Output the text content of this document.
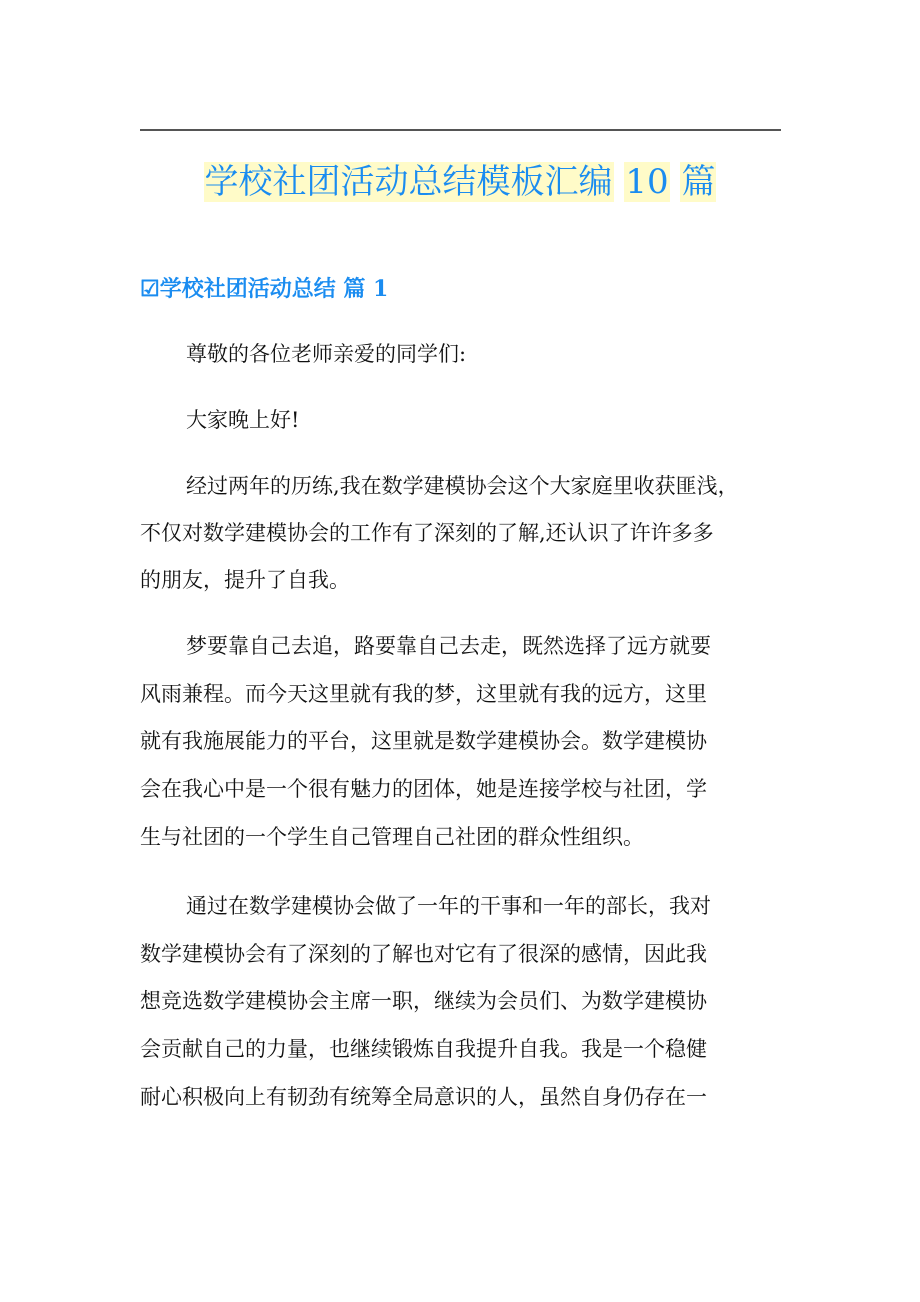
学校社团活动总结模板汇编 10 篇
☑学校社团活动总结 篇 1
尊敬的各位老师亲爱的同学们:
大家晚上好!
经过两年的历练,我在数学建模协会这个大家庭里收获匪浅，
不仅对数学建模协会的工作有了深刻的了解,还认识了许许多多
的朋友，提升了自我。
梦要靠自己去追，路要靠自己去走，既然选择了远方就要
风雨兼程。而今天这里就有我的梦，这里就有我的远方，这里
就有我施展能力的平台，这里就是数学建模协会。数学建模协
会在我心中是一个很有魅力的团体，她是连接学校与社团，学
生与社团的一个学生自己管理自己社团的群众性组织。
通过在数学建模协会做了一年的干事和一年的部长，我对
数学建模协会有了深刻的了解也对它有了很深的感情，因此我
想竞选数学建模协会主席一职，继续为会员们、为数学建模协
会贡献自己的力量，也继续锻炼自我提升自我。我是一个稳健
耐心积极向上有韧劲有统筹全局意识的人，虽然自身仍存在一
